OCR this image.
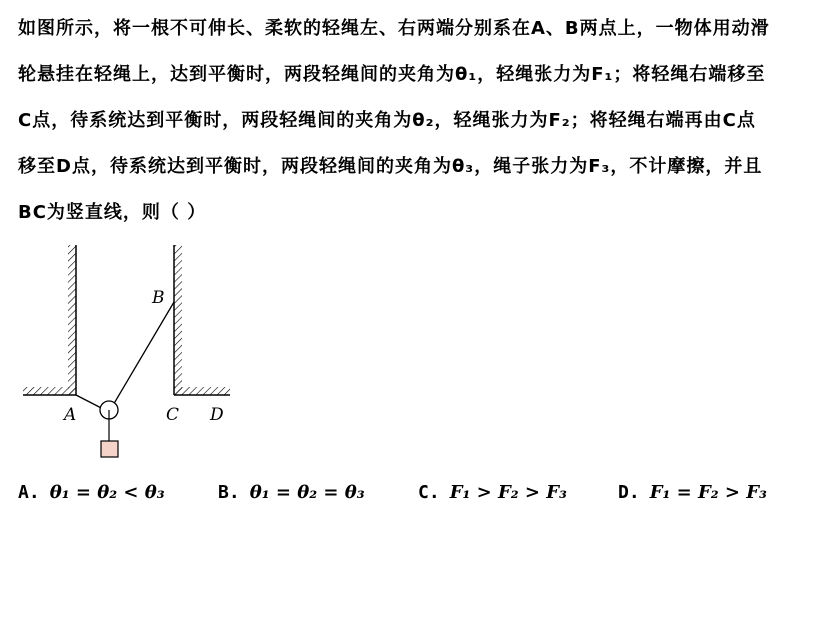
如图所示，将一根不可伸长、柔软的轻绳左、右两端分别系在A、B两点上，一物体用动滑
轮悬挂在轻绳上，达到平衡时，两段轻绳间的夹角为θ₁，轻绳张力为F₁；将轻绳右端移至
C点，待系统达到平衡时，两段轻绳间的夹角为θ₂，轻绳张力为F₂；将轻绳右端再由C点
移至D点，待系统达到平衡时，两段轻绳间的夹角为θ₃，绳子张力为F₃，不计摩擦，并且
BC为竖直线，则（ ）
A
B
C D
A. θ₁ = θ₂ < θ₃	B. θ₁ = θ₂ = θ₃	C. F₁ > F₂ > F₃	D. F₁ = F₂ > F₃
